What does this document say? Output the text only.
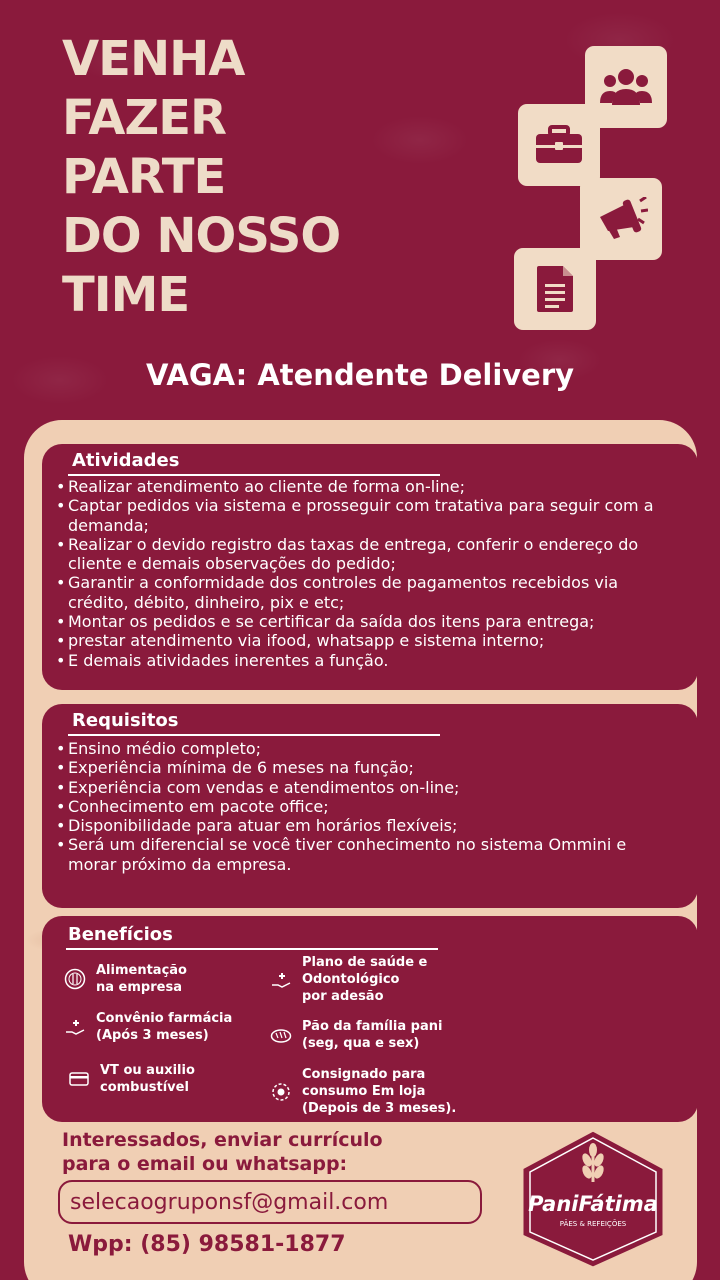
VENHA
FAZER
PARTE
DO NOSSO
TIME
VAGA: Atendente Delivery
Atividades
• Realizar atendimento ao cliente de forma on-line;
• Captar pedidos via sistema e prosseguir com tratativa para seguir com a demanda;
• Realizar o devido registro das taxas de entrega, conferir o endereço do cliente e demais observações do pedido;
• Garantir a conformidade dos controles de pagamentos recebidos via crédito, débito, dinheiro, pix e etc;
• Montar os pedidos e se certificar da saída dos itens para entrega;
• prestar atendimento via ifood, whatsapp e sistema interno;
• E demais atividades inerentes a função.
Requisitos
• Ensino médio completo;
• Experiência mínima de 6 meses na função;
• Experiência com vendas e atendimentos on-line;
• Conhecimento em pacote office;
• Disponibilidade para atuar em horários flexíveis;
• Será um diferencial se você tiver conhecimento no sistema Ommini e morar próximo da empresa.
Benefícios
Alimentação
na empresa
Plano de saúde e
Odontológico
por adesão
Convênio farmácia
(Após 3 meses)
Pão da família pani
(seg, qua e sex)
VT ou auxilio
combustível
Consignado para
consumo Em loja
(Depois de 3 meses).
Interessados, enviar currículo
para o email ou whatsapp:
selecaogruponsf@gmail.com
Wpp: (85) 98581-1877
PaniFátima
PÃES & REFEIÇÕES
